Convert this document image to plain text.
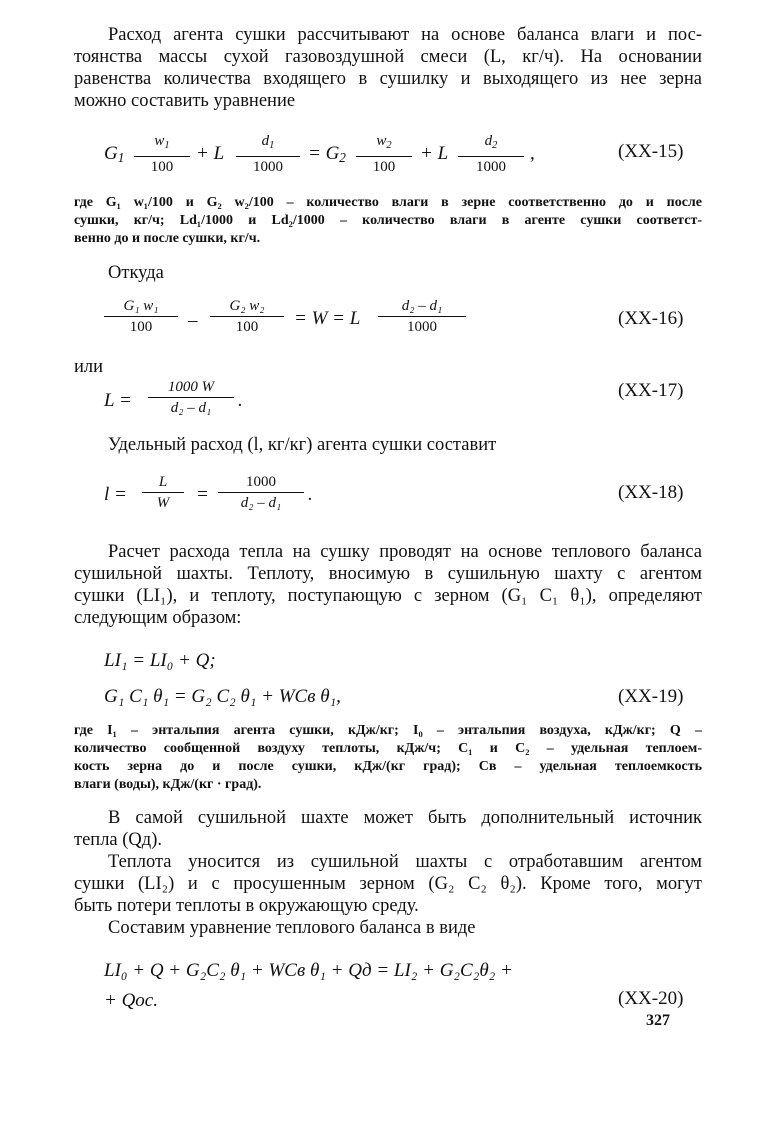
Расход агента сушки рассчитывают на основе баланса влаги и пос-
тоянства массы сухой газовоздушной смеси (L, кг/ч). На основании
равенства количества входящего в сушилку и выходящего из нее зерна
можно составить уравнение
$G_1$
$w_1$
100
+ L
$d_1$
1000
= $G_2$
$w_2$
100
+ L
$d_2$
1000
,	(XX-15)
где G₁ w₁/100 и G₂ w₂/100 – количество влаги в зерне соответственно до и после
сушки, кг/ч; Ld₁/1000 и Ld₂/1000 – количество влаги в агенте сушки соответст-
венно до и после сушки, кг/ч.
Откуда
G₁ w₁
100	–
G₂ w₂
100	= W = L
d₂ – d₁
1000	(XX-16)
или
L =
1000 W
d₂ – d₁	.	(XX-17)
Удельный расход (l, кг/кг) агента сушки составит
l =
L
W	=
1000
d₂ – d₁	.	(XX-18)
Расчет расхода тепла на сушку проводят на основе теплового баланса
сушильной шахты. Теплоту, вносимую в сушильную шахту с агентом
сушки (LI₁), и теплоту, поступающую с зерном (G₁ C₁ θ₁), определяют
следующим образом:
LI₁ = LI₀ + Q;
G₁ C₁ θ₁ = G₂ C₂ θ₁ + WCв θ₁,	(XX-19)
где I₁ – энтальпия агента сушки, кДж/кг; I₀ – энтальпия воздуха, кДж/кг; Q –
количество сообщенной воздуху теплоты, кДж/ч; C₁ и C₂ – удельная теплоем-
кость зерна до и после сушки, кДж/(кг град); Cв – удельная теплоемкость
влаги (воды), кДж/(кг · град).
В самой сушильной шахте может быть дополнительный источник
тепла (Qд).
Теплота уносится из сушильной шахты с отработавшим агентом
сушки (LI₂) и с просушенным зерном (G₂ C₂ θ₂). Кроме того, могут
быть потери теплоты в окружающую среду.
Составим уравнение теплового баланса в виде
LI₀ + Q + G₂C₂ θ₁ + WCв θ₁ + Qд = LI₂ + G₂C₂θ₂ +
+ Qос.	(XX-20)
327
